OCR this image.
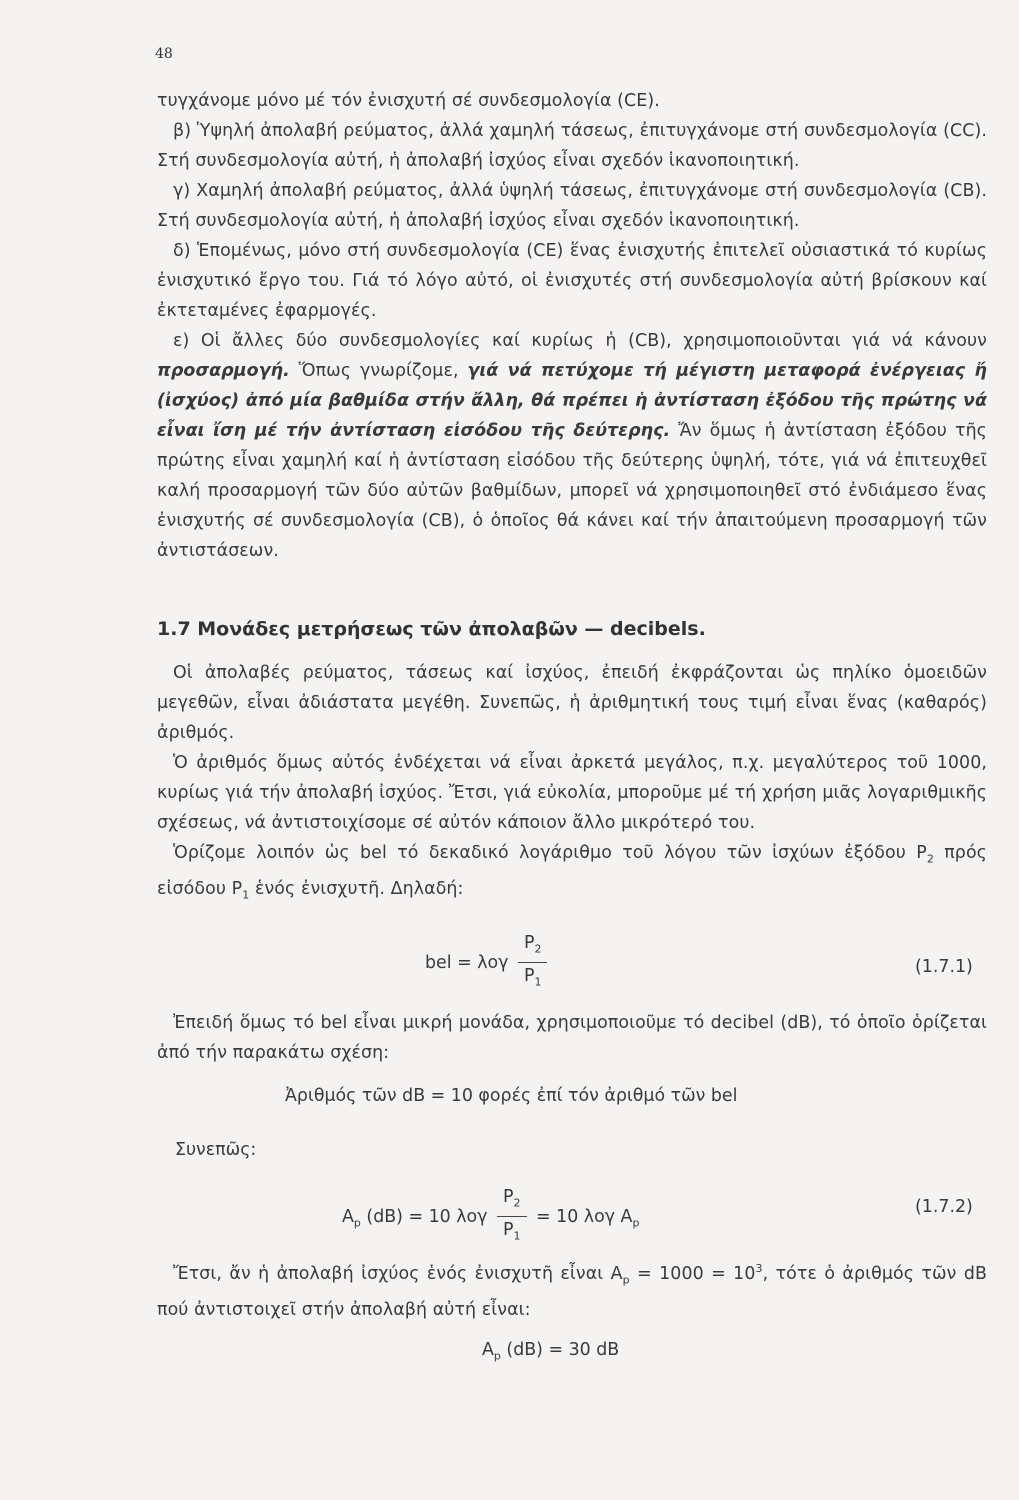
48

τυγχάνομε μόνο μέ τόν ἐνισχυτή σέ συνδεσμολογία (CE).

β) Ὑψηλή ἀπολαβή ρεύματος, ἀλλά χαμηλή τάσεως, ἐπιτυγχάνομε στή συνδεσμολογία (CC). Στή συνδεσμολογία αὐτή, ἡ ἀπολαβή ἰσχύος εἶναι σχεδόν ἱκανοποιητική.

γ) Χαμηλή ἀπολαβή ρεύματος, ἀλλά ὑψηλή τάσεως, ἐπιτυγχάνομε στή συνδεσμολογία (CB). Στή συνδεσμολογία αὐτή, ἡ ἀπολαβή ἰσχύος εἶναι σχεδόν ἱκανοποιητική.

δ) Ἑπομένως, μόνο στή συνδεσμολογία (CE) ἕνας ἐνισχυτής ἐπιτελεῖ οὐσιαστικά τό κυρίως ἐνισχυτικό ἔργο του. Γιά τό λόγο αὐτό, οἱ ἐνισχυτές στή συνδεσμολογία αὐτή βρίσκουν καί ἐκτεταμένες ἐφαρμογές.

ε) Οἱ ἄλλες δύο συνδεσμολογίες καί κυρίως ἡ (CB), χρησιμοποιοῦνται γιά νά κάνουν προσαρμογή. Ὅπως γνωρίζομε, γιά νά πετύχομε τή μέγιστη μεταφορά ἐνέργειας ἤ (ἰσχύος) ἀπό μία βαθμίδα στήν ἄλλη, θά πρέπει ἡ ἀντίσταση ἐξόδου τῆς πρώτης νά εἶναι ἴση μέ τήν ἀντίσταση εἰσόδου τῆς δεύτερης. Ἄν ὅμως ἡ ἀντίσταση ἐξόδου τῆς πρώτης εἶναι χαμηλή καί ἡ ἀντίσταση εἰσόδου τῆς δεύτερης ὑψηλή, τότε, γιά νά ἐπιτευχθεῖ καλή προσαρμογή τῶν δύο αὐτῶν βαθμίδων, μπορεῖ νά χρησιμοποιηθεῖ στό ἐνδιάμεσο ἕνας ἐνισχυτής σέ συνδεσμολογία (CB), ὁ ὁποῖος θά κάνει καί τήν ἀπαιτούμενη προσαρμογή τῶν ἀντιστάσεων.

1.7 Μονάδες μετρήσεως τῶν ἀπολαβῶν — decibels.

Οἱ ἀπολαβές ρεύματος, τάσεως καί ἰσχύος, ἐπειδή ἐκφράζονται ὡς πηλίκο ὁμοειδῶν μεγεθῶν, εἶναι ἀδιάστατα μεγέθη. Συνεπῶς, ἡ ἀριθμητική τους τιμή εἶναι ἕνας (καθαρός) ἀριθμός.

Ὁ ἀριθμός ὅμως αὐτός ἐνδέχεται νά εἶναι ἀρκετά μεγάλος, π.χ. μεγαλύτερος τοῦ 1000, κυρίως γιά τήν ἀπολαβή ἰσχύος. Ἔτσι, γιά εὐκολία, μποροῦμε μέ τή χρήση μιᾶς λογαριθμικῆς σχέσεως, νά ἀντιστοιχίσομε σέ αὐτόν κάποιον ἄλλο μικρότερό του.

Ὁρίζομε λοιπόν ὡς bel τό δεκαδικό λογάριθμο τοῦ λόγου τῶν ἰσχύων ἐξόδου $P_2$ πρός εἰσόδου $P_1$ ἑνός ἐνισχυτῆ. Δηλαδή:

bel = λογ $\frac{P_2}{P_1}$	(1.7.1)

Ἐπειδή ὅμως τό bel εἶναι μικρή μονάδα, χρησιμοποιοῦμε τό decibel (dB), τό ὁποῖο ὁρίζεται ἀπό τήν παρακάτω σχέση:

Ἀριθμός τῶν dB = 10 φορές ἐπί τόν ἀριθμό τῶν bel
Συνεπῶς:
$A_p$ (dB) = 10 λογ $\frac{P_2}{P_1} = 10$ λογ $A_p$
(1.7.2)

Ἔτσι, ἄν ἡ ἀπολαβή ἰσχύος ἑνός ἐνισχυτῆ εἶναι $A_p = 1000 = 10^3$, τότε ὁ ἀριθμός τῶν dB πού ἀντιστοιχεῖ στήν ἀπολαβή αὐτή εἶναι:

$A_p$ (dB) = 30 dB
